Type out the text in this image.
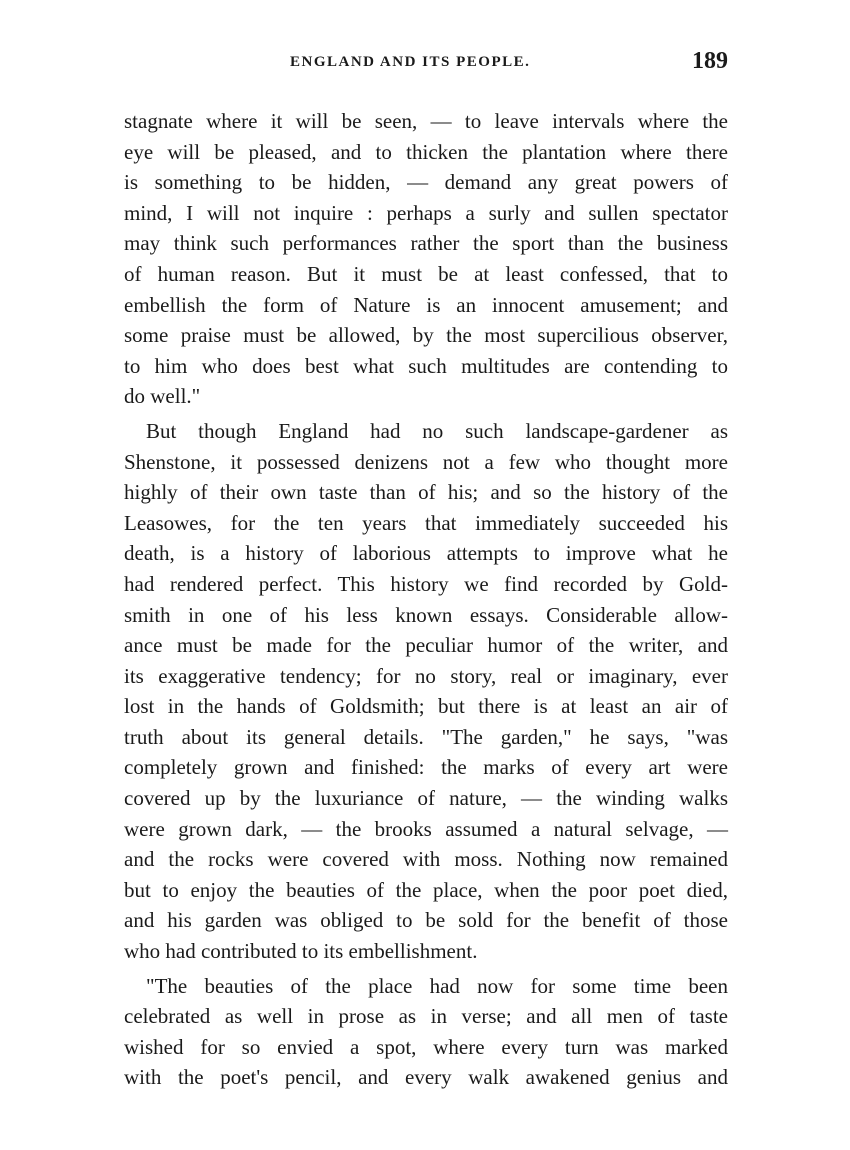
ENGLAND AND ITS PEOPLE.	189
stagnate where it will be seen, — to leave intervals where the
eye will be pleased, and to thicken the plantation where there
is something to be hidden, — demand any great powers of
mind, I will not inquire : perhaps a surly and sullen spectator
may think such performances rather the sport than the business
of human reason. But it must be at least confessed, that to
embellish the form of Nature is an innocent amusement; and
some praise must be allowed, by the most supercilious observer,
to him who does best what such multitudes are contending to
do well."
But though England had no such landscape-gardener as
Shenstone, it possessed denizens not a few who thought more
highly of their own taste than of his; and so the history of the
Leasowes, for the ten years that immediately succeeded his
death, is a history of laborious attempts to improve what he
had rendered perfect. This history we find recorded by Gold-
smith in one of his less known essays. Considerable allow-
ance must be made for the peculiar humor of the writer, and
its exaggerative tendency; for no story, real or imaginary, ever
lost in the hands of Goldsmith; but there is at least an air of
truth about its general details. "The garden," he says, "was
completely grown and finished: the marks of every art were
covered up by the luxuriance of nature, — the winding walks
were grown dark, — the brooks assumed a natural selvage, —
and the rocks were covered with moss. Nothing now remained
but to enjoy the beauties of the place, when the poor poet died,
and his garden was obliged to be sold for the benefit of those
who had contributed to its embellishment.
"The beauties of the place had now for some time been
celebrated as well in prose as in verse; and all men of taste
wished for so envied a spot, where every turn was marked
with the poet's pencil, and every walk awakened genius and
